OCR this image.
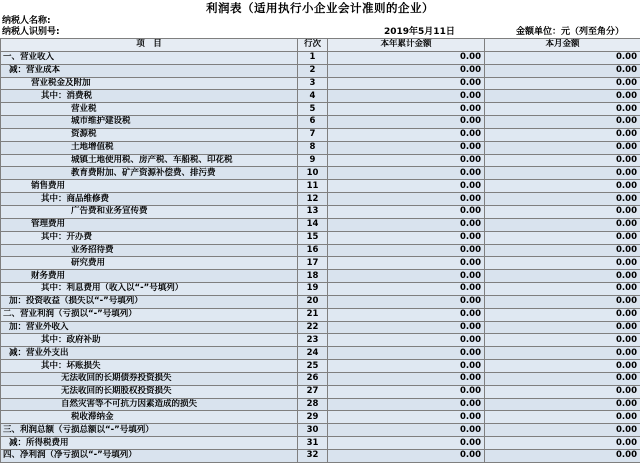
利润表（适用执行小企业会计准则的企业）
纳税人名称:
纳税人识别号:	2019年5月11日	金额单位：元（列至角分）
项　目	行次	本年累计金额	本月金额
一、营业收入	1	0.00	0.00
减：营业成本	2	0.00	0.00
营业税金及附加	3	0.00	0.00
其中：消费税	4	0.00	0.00
营业税	5	0.00	0.00
城市维护建设税	6	0.00	0.00
资源税	7	0.00	0.00
土地增值税	8	0.00	0.00
城镇土地使用税、房产税、车船税、印花税	9	0.00	0.00
教育费附加、矿产资源补偿费、排污费	10	0.00	0.00
销售费用	11	0.00	0.00
其中：商品维修费	12	0.00	0.00
广告费和业务宣传费	13	0.00	0.00
管理费用	14	0.00	0.00
其中：开办费	15	0.00	0.00
业务招待费	16	0.00	0.00
研究费用	17	0.00	0.00
财务费用	18	0.00	0.00
其中：利息费用（收入以“-”号填列）	19	0.00	0.00
加：投资收益（损失以“-”号填列）	20	0.00	0.00
二、营业利润（亏损以“-”号填列）	21	0.00	0.00
加：营业外收入	22	0.00	0.00
其中：政府补助	23	0.00	0.00
减：营业外支出	24	0.00	0.00
其中：坏账损失	25	0.00	0.00
无法收回的长期债券投资损失	26	0.00	0.00
无法收回的长期股权投资损失	27	0.00	0.00
自然灾害等不可抗力因素造成的损失	28	0.00	0.00
税收滞纳金	29	0.00	0.00
三、利润总额（亏损总额以“-”号填列）	30	0.00	0.00
减：所得税费用	31	0.00	0.00
四、净利润（净亏损以“-”号填列）	32	0.00	0.00
